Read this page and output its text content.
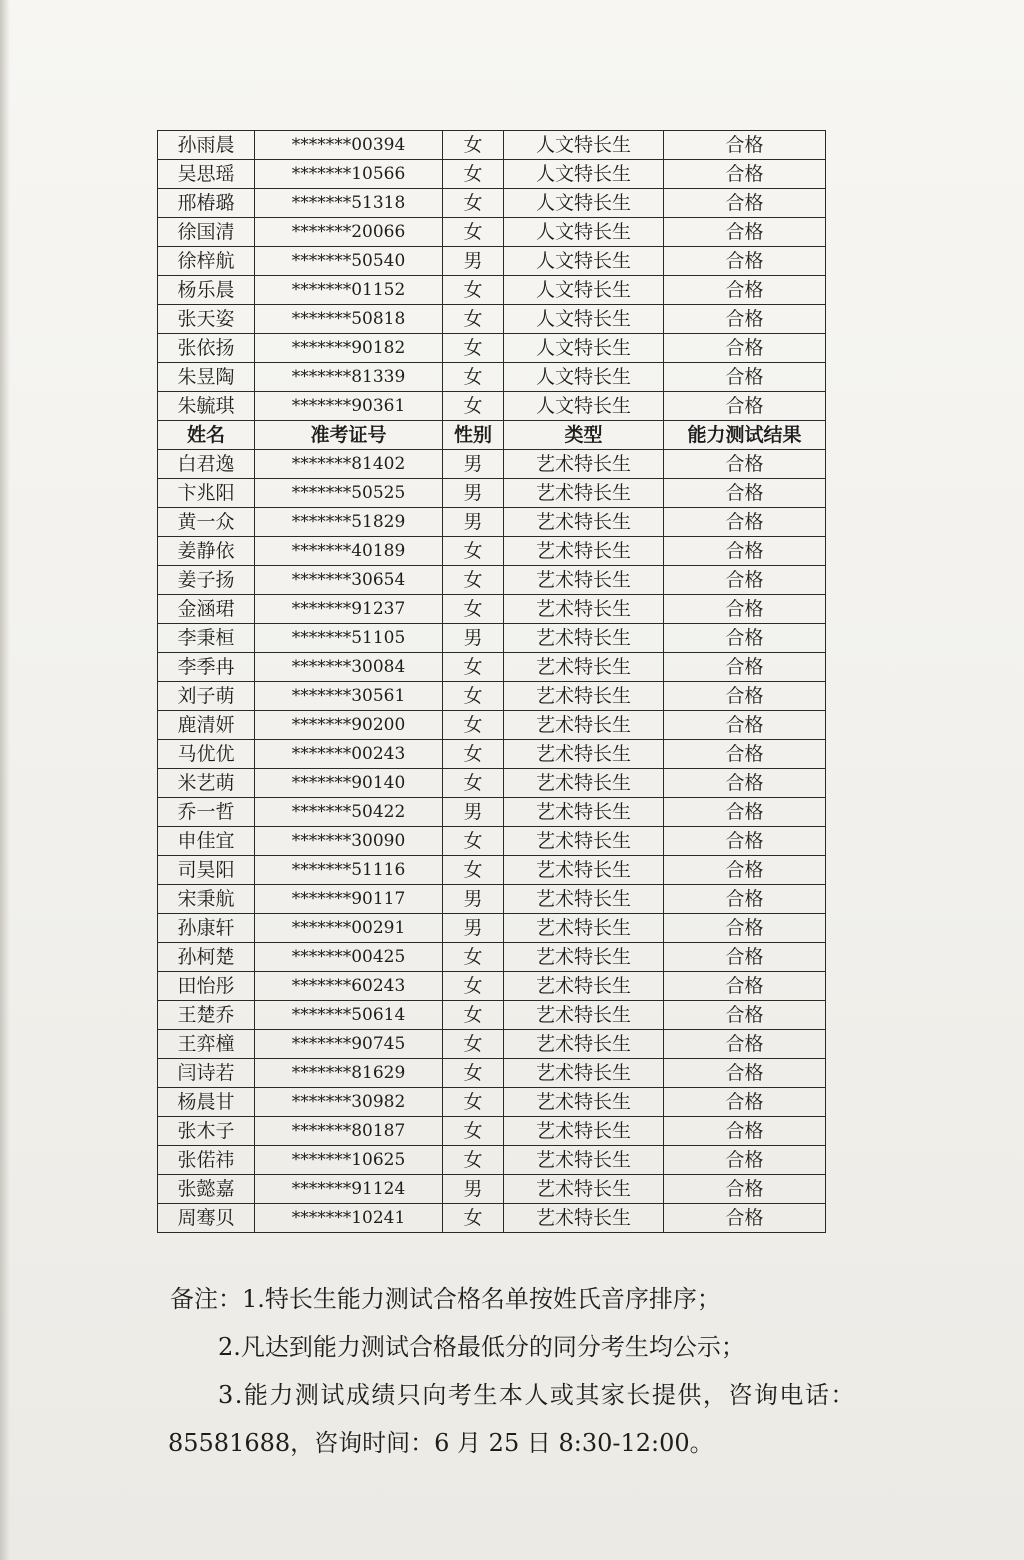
孙雨晨	*******00394	女	人文特长生	合格
吴思瑶	*******10566	女	人文特长生	合格
邢椿璐	*******51318	女	人文特长生	合格
徐国清	*******20066	女	人文特长生	合格
徐梓航	*******50540	男	人文特长生	合格
杨乐晨	*******01152	女	人文特长生	合格
张天姿	*******50818	女	人文特长生	合格
张依扬	*******90182	女	人文特长生	合格
朱昱陶	*******81339	女	人文特长生	合格
朱毓琪	*******90361	女	人文特长生	合格
姓名	准考证号	性别	类型	能力测试结果
白君逸	*******81402	男	艺术特长生	合格
卞兆阳	*******50525	男	艺术特长生	合格
黄一众	*******51829	男	艺术特长生	合格
姜静依	*******40189	女	艺术特长生	合格
姜子扬	*******30654	女	艺术特长生	合格
金涵珺	*******91237	女	艺术特长生	合格
李秉桓	*******51105	男	艺术特长生	合格
李季冉	*******30084	女	艺术特长生	合格
刘子萌	*******30561	女	艺术特长生	合格
鹿清妍	*******90200	女	艺术特长生	合格
马优优	*******00243	女	艺术特长生	合格
米艺萌	*******90140	女	艺术特长生	合格
乔一哲	*******50422	男	艺术特长生	合格
申佳宜	*******30090	女	艺术特长生	合格
司昊阳	*******51116	女	艺术特长生	合格
宋秉航	*******90117	男	艺术特长生	合格
孙康轩	*******00291	男	艺术特长生	合格
孙柯楚	*******00425	女	艺术特长生	合格
田怡彤	*******60243	女	艺术特长生	合格
王楚乔	*******50614	女	艺术特长生	合格
王弈橦	*******90745	女	艺术特长生	合格
闫诗若	*******81629	女	艺术特长生	合格
杨晨甘	*******30982	女	艺术特长生	合格
张木子	*******80187	女	艺术特长生	合格
张偌祎	*******10625	女	艺术特长生	合格
张懿嘉	*******91124	男	艺术特长生	合格
周骞贝	*******10241	女	艺术特长生	合格
备注：1.特长生能力测试合格名单按姓氏音序排序；
2.凡达到能力测试合格最低分的同分考生均公示；
3.能力测试成绩只向考生本人或其家长提供，咨询电话：
85581688，咨询时间：6 月 25 日 8:30-12:00。
